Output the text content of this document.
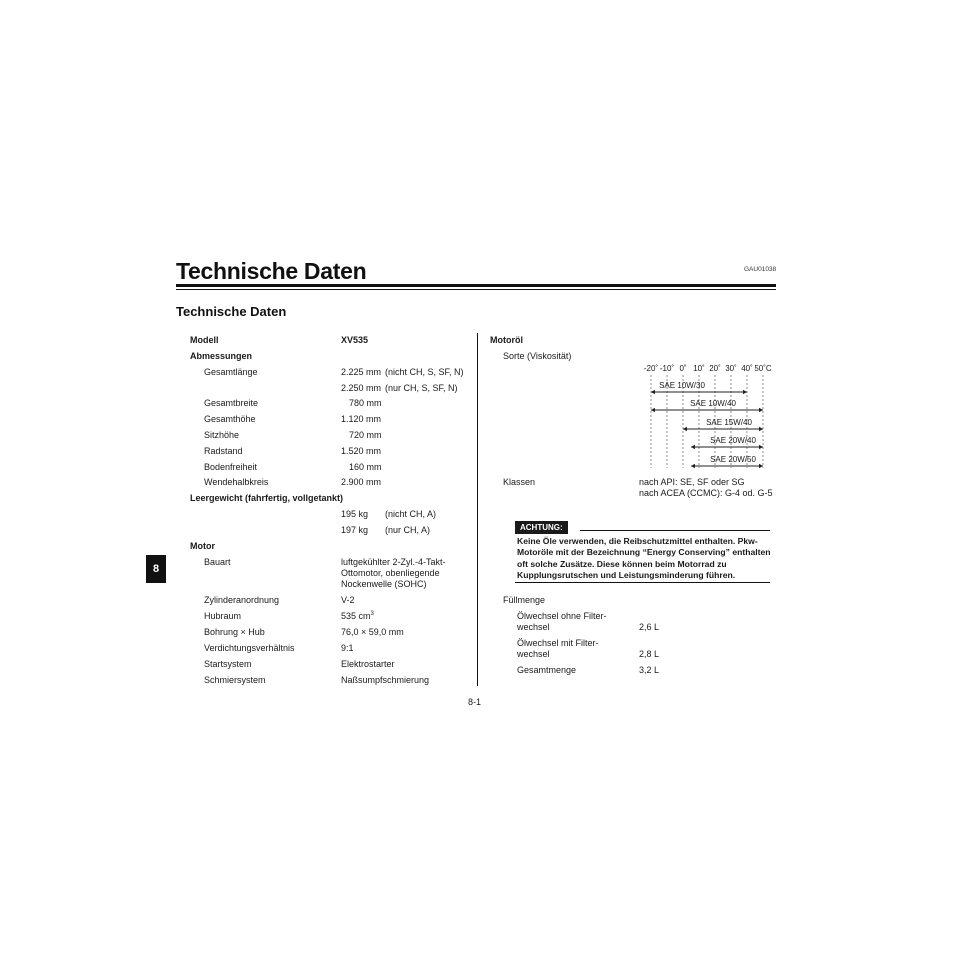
Technische Daten	GAU01038
Technische Daten
8
Modell	XV535
Abmessungen
Gesamtlänge	2.225 mm (nicht CH, S, SF, N)
2.250 mm (nur CH, S, SF, N)
Gesamtbreite	780 mm
Gesamthöhe	1.120 mm
Sitzhöhe	720 mm
Radstand	1.520 mm
Bodenfreiheit	160 mm
Wendehalbkreis	2.900 mm
Leergewicht (fahrfertig, vollgetankt)
195 kg (nicht CH, A)
197 kg (nur CH, A)
Motor
Bauart	luftgekühlter 2-Zyl.-4-Takt-
Ottomotor, obenliegende
Nockenwelle (SOHC)
Zylinderanordnung	V-2
Hubraum	535 $cm^3$
Bohrung × Hub	76,0 × 59,0 mm
Verdichtungsverhältnis	9:1
Startsystem	Elektrostarter
Schmiersystem	Naßsumpfschmierung
Motoröl
Sorte (Viskosität)
-20˚ -10˚ 0˚ 10˚ 20˚ 30˚ 40˚ 50˚C
SAE 10W/30
SAE 10W/40
SAE 15W/40
SAE 20W/40
SAE 20W/50
Klassen	nach API: SE, SF oder SG
nach ACEA (CCMC): G-4 od. G-5
ACHTUNG:
Keine Öle verwenden, die Reibschutzmittel enthalten. Pkw-Motoröle mit der Bezeichnung “Energy Conserving” enthalten oft solche Zusätze. Diese können beim Motorrad zu Kupplungsrutschen und Leistungsminderung führen.
Füllmenge
Ölwechsel ohne Filter-
wechsel	2,6 L
Ölwechsel mit Filter-
wechsel	2,8 L
Gesamtmenge	3,2 L
8-1
